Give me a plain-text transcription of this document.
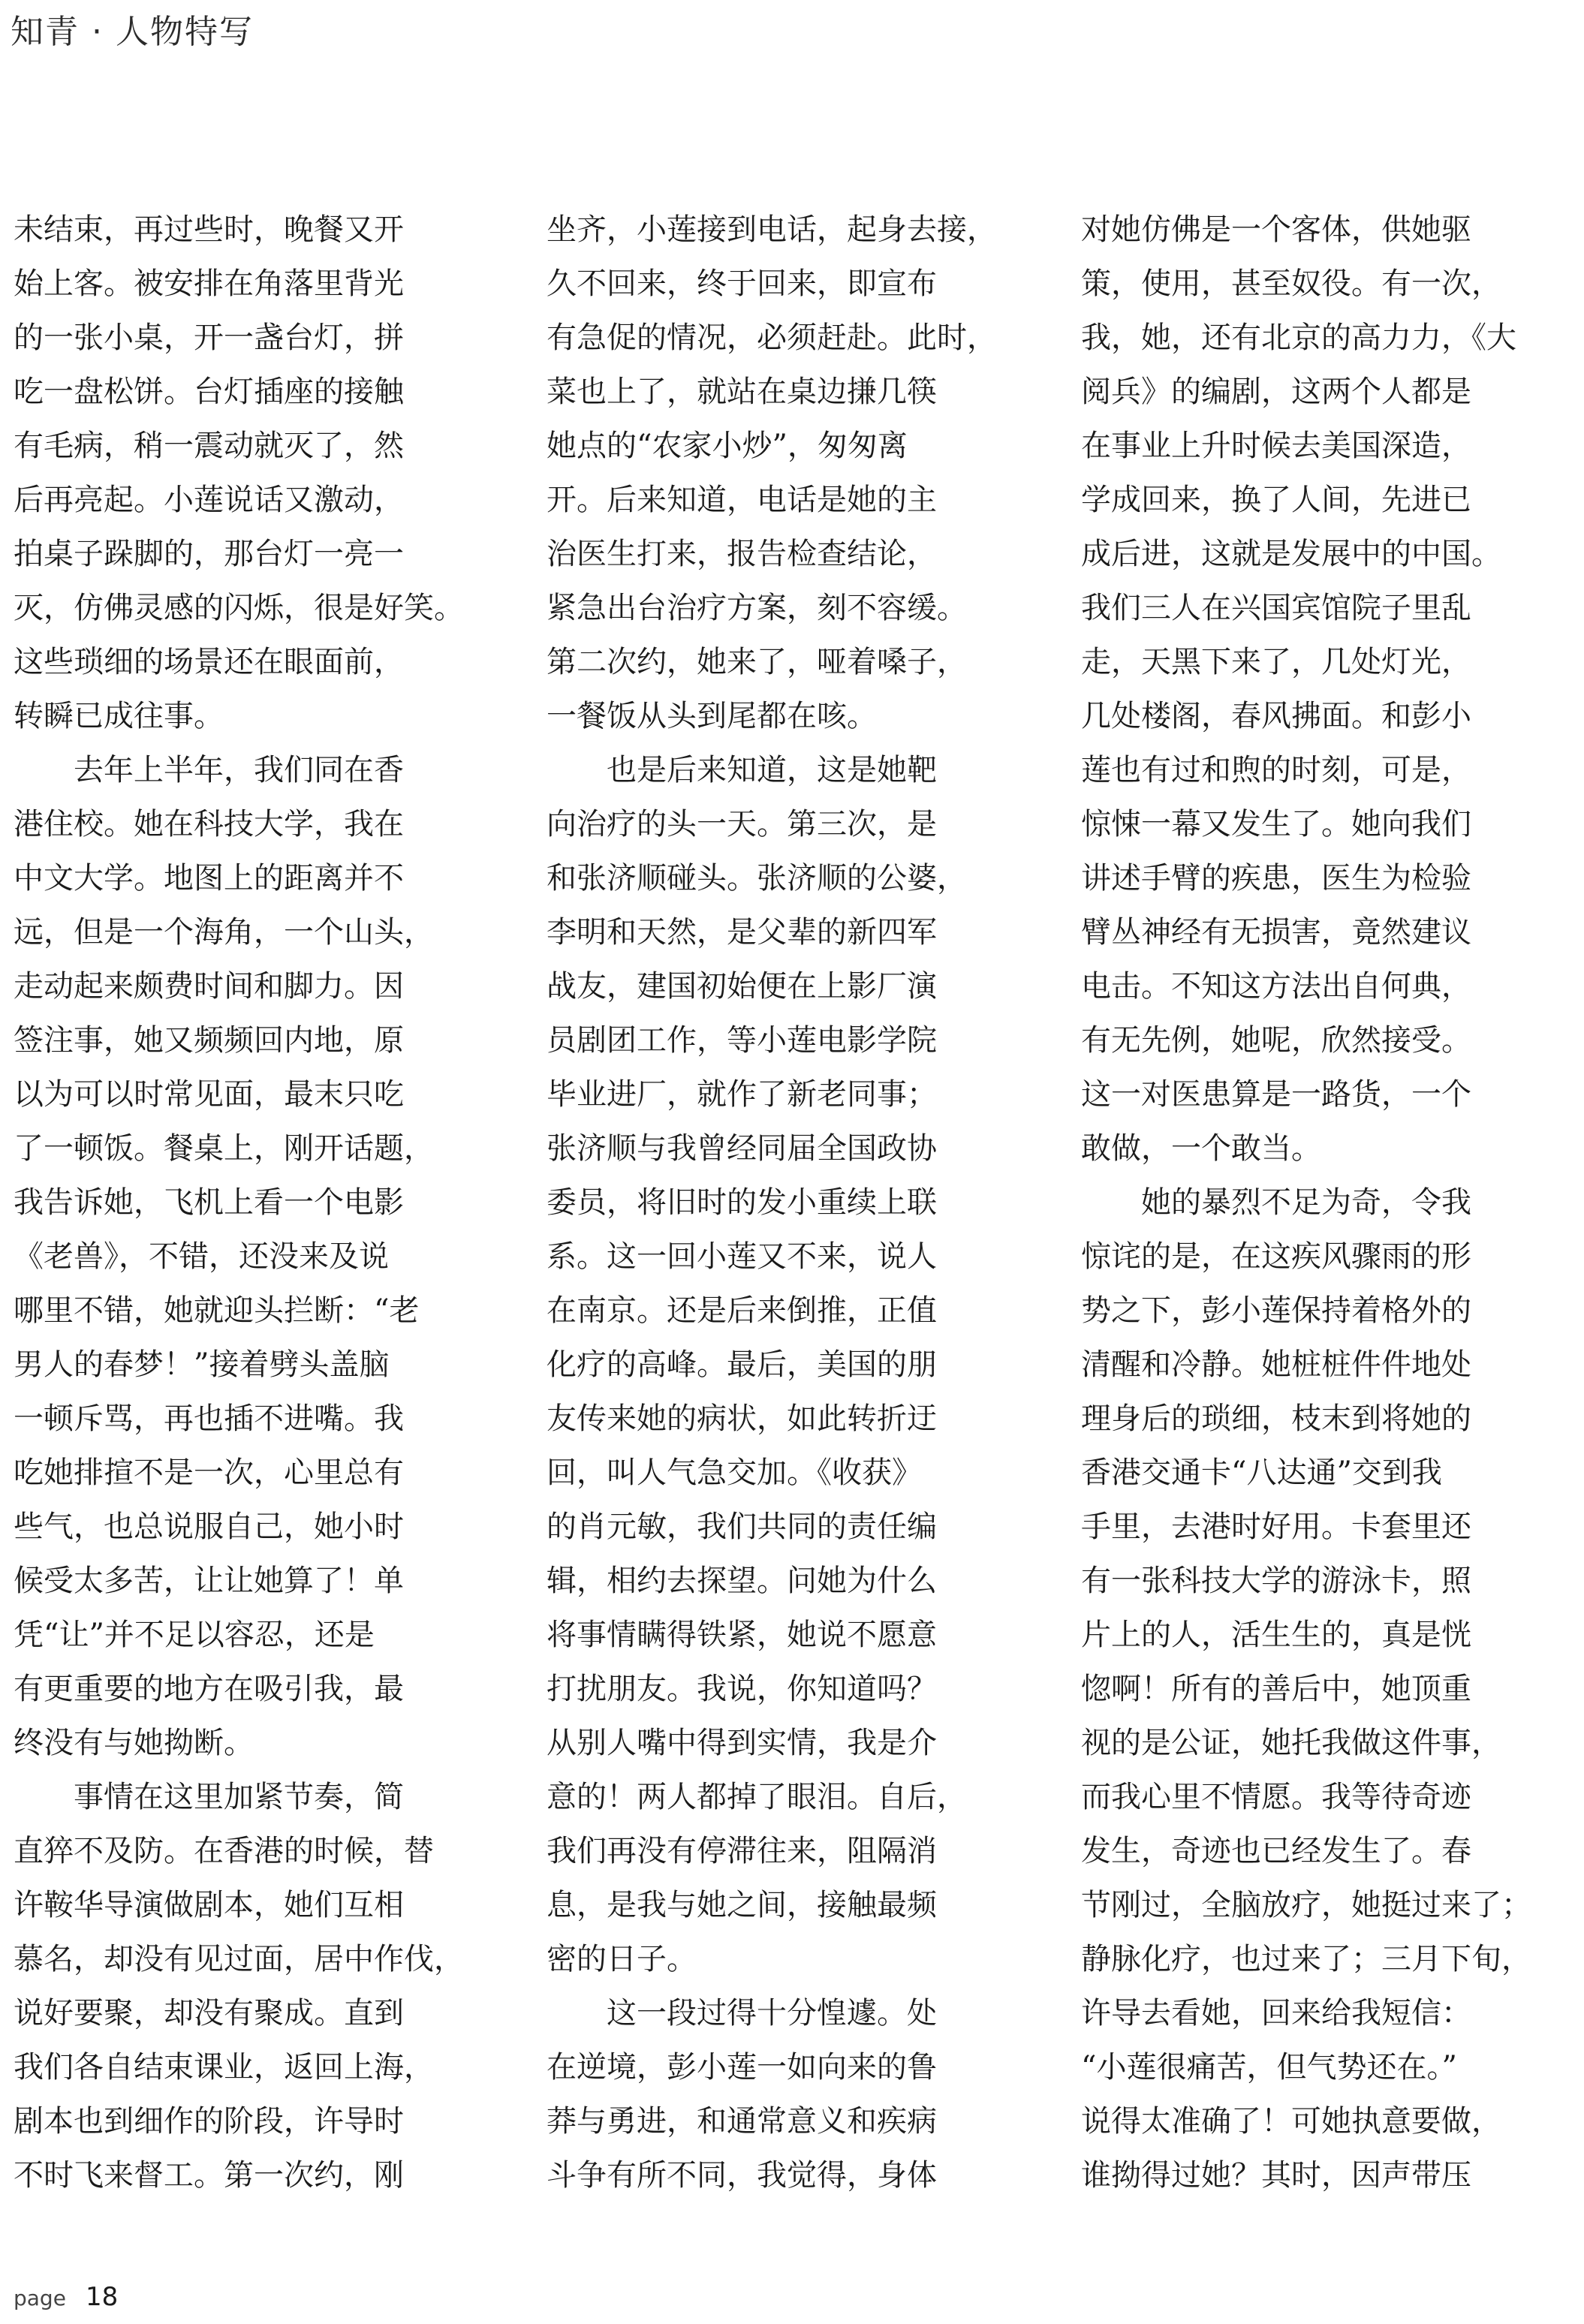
知青 · 人物特写
未结束，再过些时，晚餐又开
始上客。被安排在角落里背光
的一张小桌，开一盏台灯，拼
吃一盘松饼。台灯插座的接触
有毛病，稍一震动就灭了，然
后再亮起。小莲说话又激动，
拍桌子跺脚的，那台灯一亮一
灭，仿佛灵感的闪烁，很是好笑。
这些琐细的场景还在眼面前，
转瞬已成往事。
　　去年上半年，我们同在香
港住校。她在科技大学，我在
中文大学。地图上的距离并不
远，但是一个海角，一个山头，
走动起来颇费时间和脚力。因
签注事，她又频频回内地，原
以为可以时常见面，最末只吃
了一顿饭。餐桌上，刚开话题，
我告诉她，飞机上看一个电影
《老兽》，不错，还没来及说
哪里不错，她就迎头拦断：“老
男人的春梦！”接着劈头盖脑
一顿斥骂，再也插不进嘴。我
吃她排揎不是一次，心里总有
些气，也总说服自己，她小时
候受太多苦，让让她算了！单
凭“让”并不足以容忍，还是
有更重要的地方在吸引我，最
终没有与她拗断。
　　事情在这里加紧节奏，简
直猝不及防。在香港的时候，替
许鞍华导演做剧本，她们互相
慕名，却没有见过面，居中作伐，
说好要聚，却没有聚成。直到
我们各自结束课业，返回上海，
剧本也到细作的阶段，许导时
不时飞来督工。第一次约，刚
坐齐，小莲接到电话，起身去接，
久不回来，终于回来，即宣布
有急促的情况，必须赶赴。此时，
菜也上了，就站在桌边搛几筷
她点的“农家小炒”，匆匆离
开。后来知道，电话是她的主
治医生打来，报告检查结论，
紧急出台治疗方案，刻不容缓。
第二次约，她来了，哑着嗓子，
一餐饭从头到尾都在咳。
　　也是后来知道，这是她靶
向治疗的头一天。第三次，是
和张济顺碰头。张济顺的公婆，
李明和天然，是父辈的新四军
战友，建国初始便在上影厂演
员剧团工作，等小莲电影学院
毕业进厂，就作了新老同事；
张济顺与我曾经同届全国政协
委员，将旧时的发小重续上联
系。这一回小莲又不来，说人
在南京。还是后来倒推，正值
化疗的高峰。最后，美国的朋
友传来她的病状，如此转折迂
回，叫人气急交加。《收获》
的肖元敏，我们共同的责任编
辑，相约去探望。问她为什么
将事情瞒得铁紧，她说不愿意
打扰朋友。我说，你知道吗？
从别人嘴中得到实情，我是介
意的！两人都掉了眼泪。自后，
我们再没有停滞往来，阻隔消
息，是我与她之间，接触最频
密的日子。
　　这一段过得十分惶遽。处
在逆境，彭小莲一如向来的鲁
莽与勇进，和通常意义和疾病
斗争有所不同，我觉得，身体
对她仿佛是一个客体，供她驱
策，使用，甚至奴役。有一次，
我，她，还有北京的高力力，《大
阅兵》的编剧，这两个人都是
在事业上升时候去美国深造，
学成回来，换了人间，先进已
成后进，这就是发展中的中国。
我们三人在兴国宾馆院子里乱
走，天黑下来了，几处灯光，
几处楼阁，春风拂面。和彭小
莲也有过和煦的时刻，可是，
惊悚一幕又发生了。她向我们
讲述手臂的疾患，医生为检验
臂丛神经有无损害，竟然建议
电击。不知这方法出自何典，
有无先例，她呢，欣然接受。
这一对医患算是一路货，一个
敢做，一个敢当。
　　她的暴烈不足为奇，令我
惊诧的是，在这疾风骤雨的形
势之下，彭小莲保持着格外的
清醒和冷静。她桩桩件件地处
理身后的琐细，枝末到将她的
香港交通卡“八达通”交到我
手里，去港时好用。卡套里还
有一张科技大学的游泳卡，照
片上的人，活生生的，真是恍
惚啊！所有的善后中，她顶重
视的是公证，她托我做这件事，
而我心里不情愿。我等待奇迹
发生，奇迹也已经发生了。春
节刚过，全脑放疗，她挺过来了；
静脉化疗，也过来了；三月下旬，
许导去看她，回来给我短信：
“小莲很痛苦，但气势还在。”
说得太准确了！可她执意要做，
谁拗得过她？其时，因声带压
page 18
